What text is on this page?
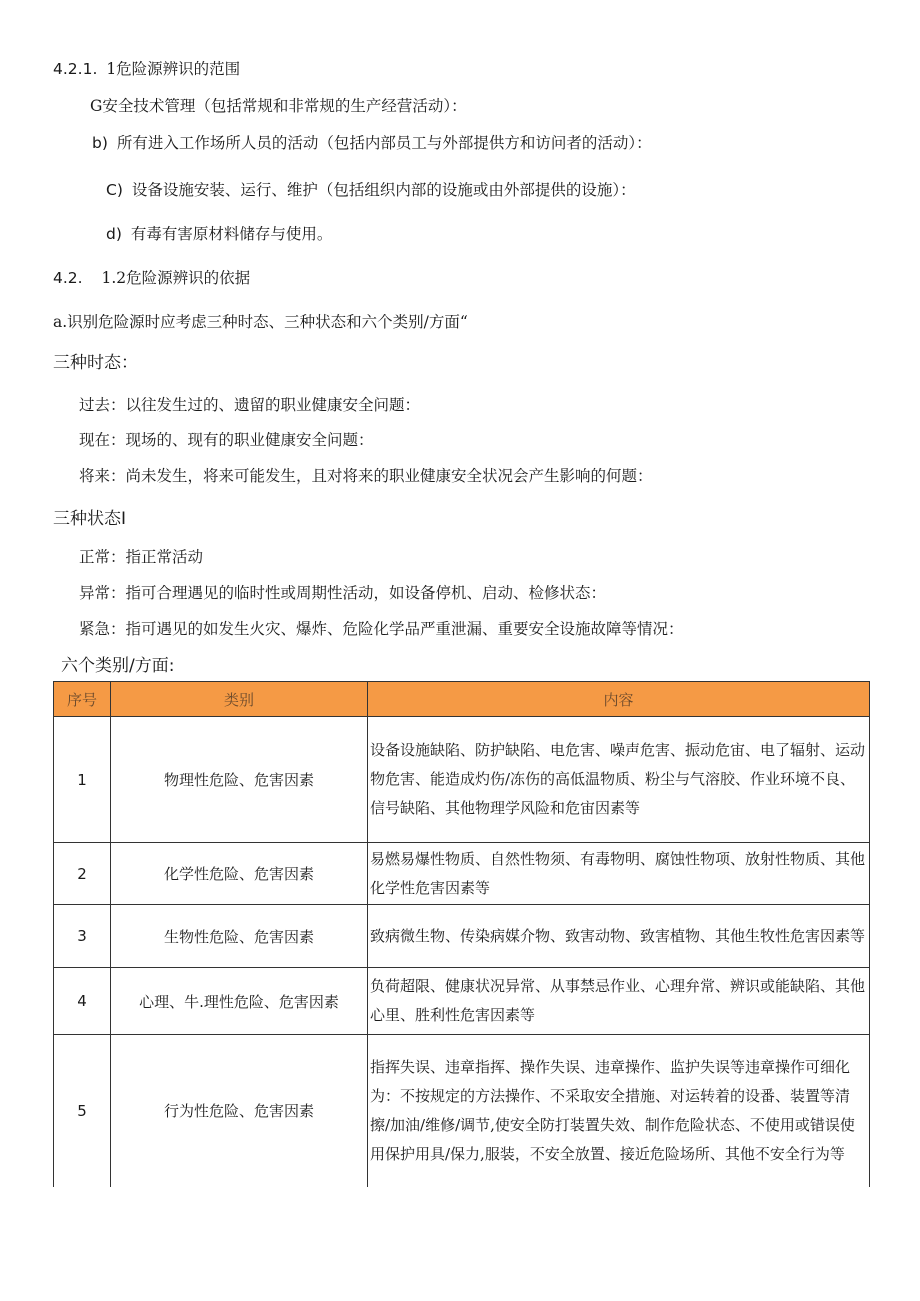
4.2.1. 1危险源辨识的范围
G安全技术管理（包括常规和非常规的生产经营活动）：
b) 所有进入工作场所人员的活动（包括内部员工与外部提供方和访问者的活动）：
C) 设备设施安装、运行、维护（包括组织内部的设施或由外部提供的设施）：
d) 有毒有害原材料储存与使用。
4.2. 1.2危险源辨识的依据
a.识别危险源时应考虑三种时态、三种状态和六个类别/方面“
三种时态：
过去：以往发生过的、遗留的职业健康安全问题：
现在：现场的、现有的职业健康安全问题：
将来：尚未发生，将来可能发生，且对将来的职业健康安全状况会产生影响的何题：
三种状态I
正常：指正常活动
异常：指可合理遇见的临时性或周期性活动，如设备停机、启动、检修状态：
紧急：指可遇见的如发生火灾、爆炸、危险化学品严重泄漏、重要安全设施故障等情况：
六个类别/方面:
序号	类别	内容
1	物理性危险、危害因素	设备设施缺陷、防护缺陷、电危害、噪声危害、振动危宙、电了辐射、运动物危害、能造成灼伤/冻伤的高低温物质、粉尘与气溶胶、作业环境不良、信号缺陷、其他物理学风险和危宙因素等
2	化学性危险、危害因素	易燃易爆性物质、自然性物须、有毒物明、腐蚀性物项、放射性物质、其他化学性危害因素等
3	生物性危险、危害因素	致病微生物、传染病媒介物、致害动物、致害植物、其他生牧性危害因素等
4	心理、牛.理性危险、危害因素	负荷超限、健康状况异常、从事禁忌作业、心理弁常、辨识或能缺陷、其他心里、胜利性危害因素等
5	行为性危险、危害因素	指挥失误、违章指挥、操作失误、违章操作、监护失误等违章操作可细化为：不按规定的方法操作、不采取安全措施、对运转着的设番、装置等清擦/加油/维修/调节,使安全防打装置失效、制作危险状态、不使用或错误使用保护用具/保力,服装，不安全放置、接近危险场所、其他不安全行为等
